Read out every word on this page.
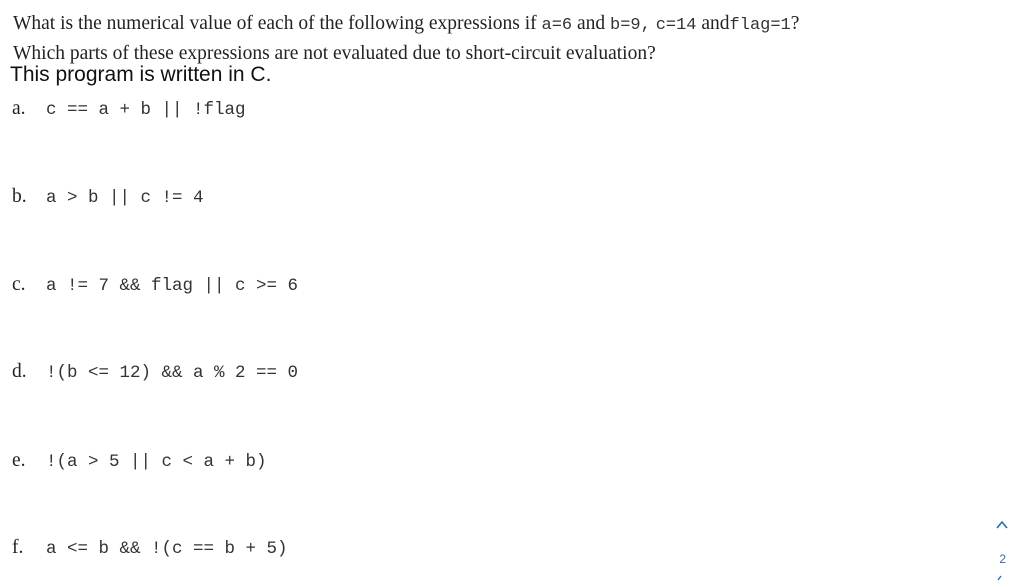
What is the numerical value of each of the following expressions if a=6 and b=9, c=14 andflag=1?
Which parts of these expressions are not evaluated due to short-circuit evaluation?
This program is written in C.
a.	c == a + b || !flag
b.	a > b || c != 4
c.	a != 7 && flag || c >= 6
d.	!(b <= 12) && a % 2 == 0
e.	!(a > 5 || c < a + b)
f.	a <= b && !(c == b + 5)	2
